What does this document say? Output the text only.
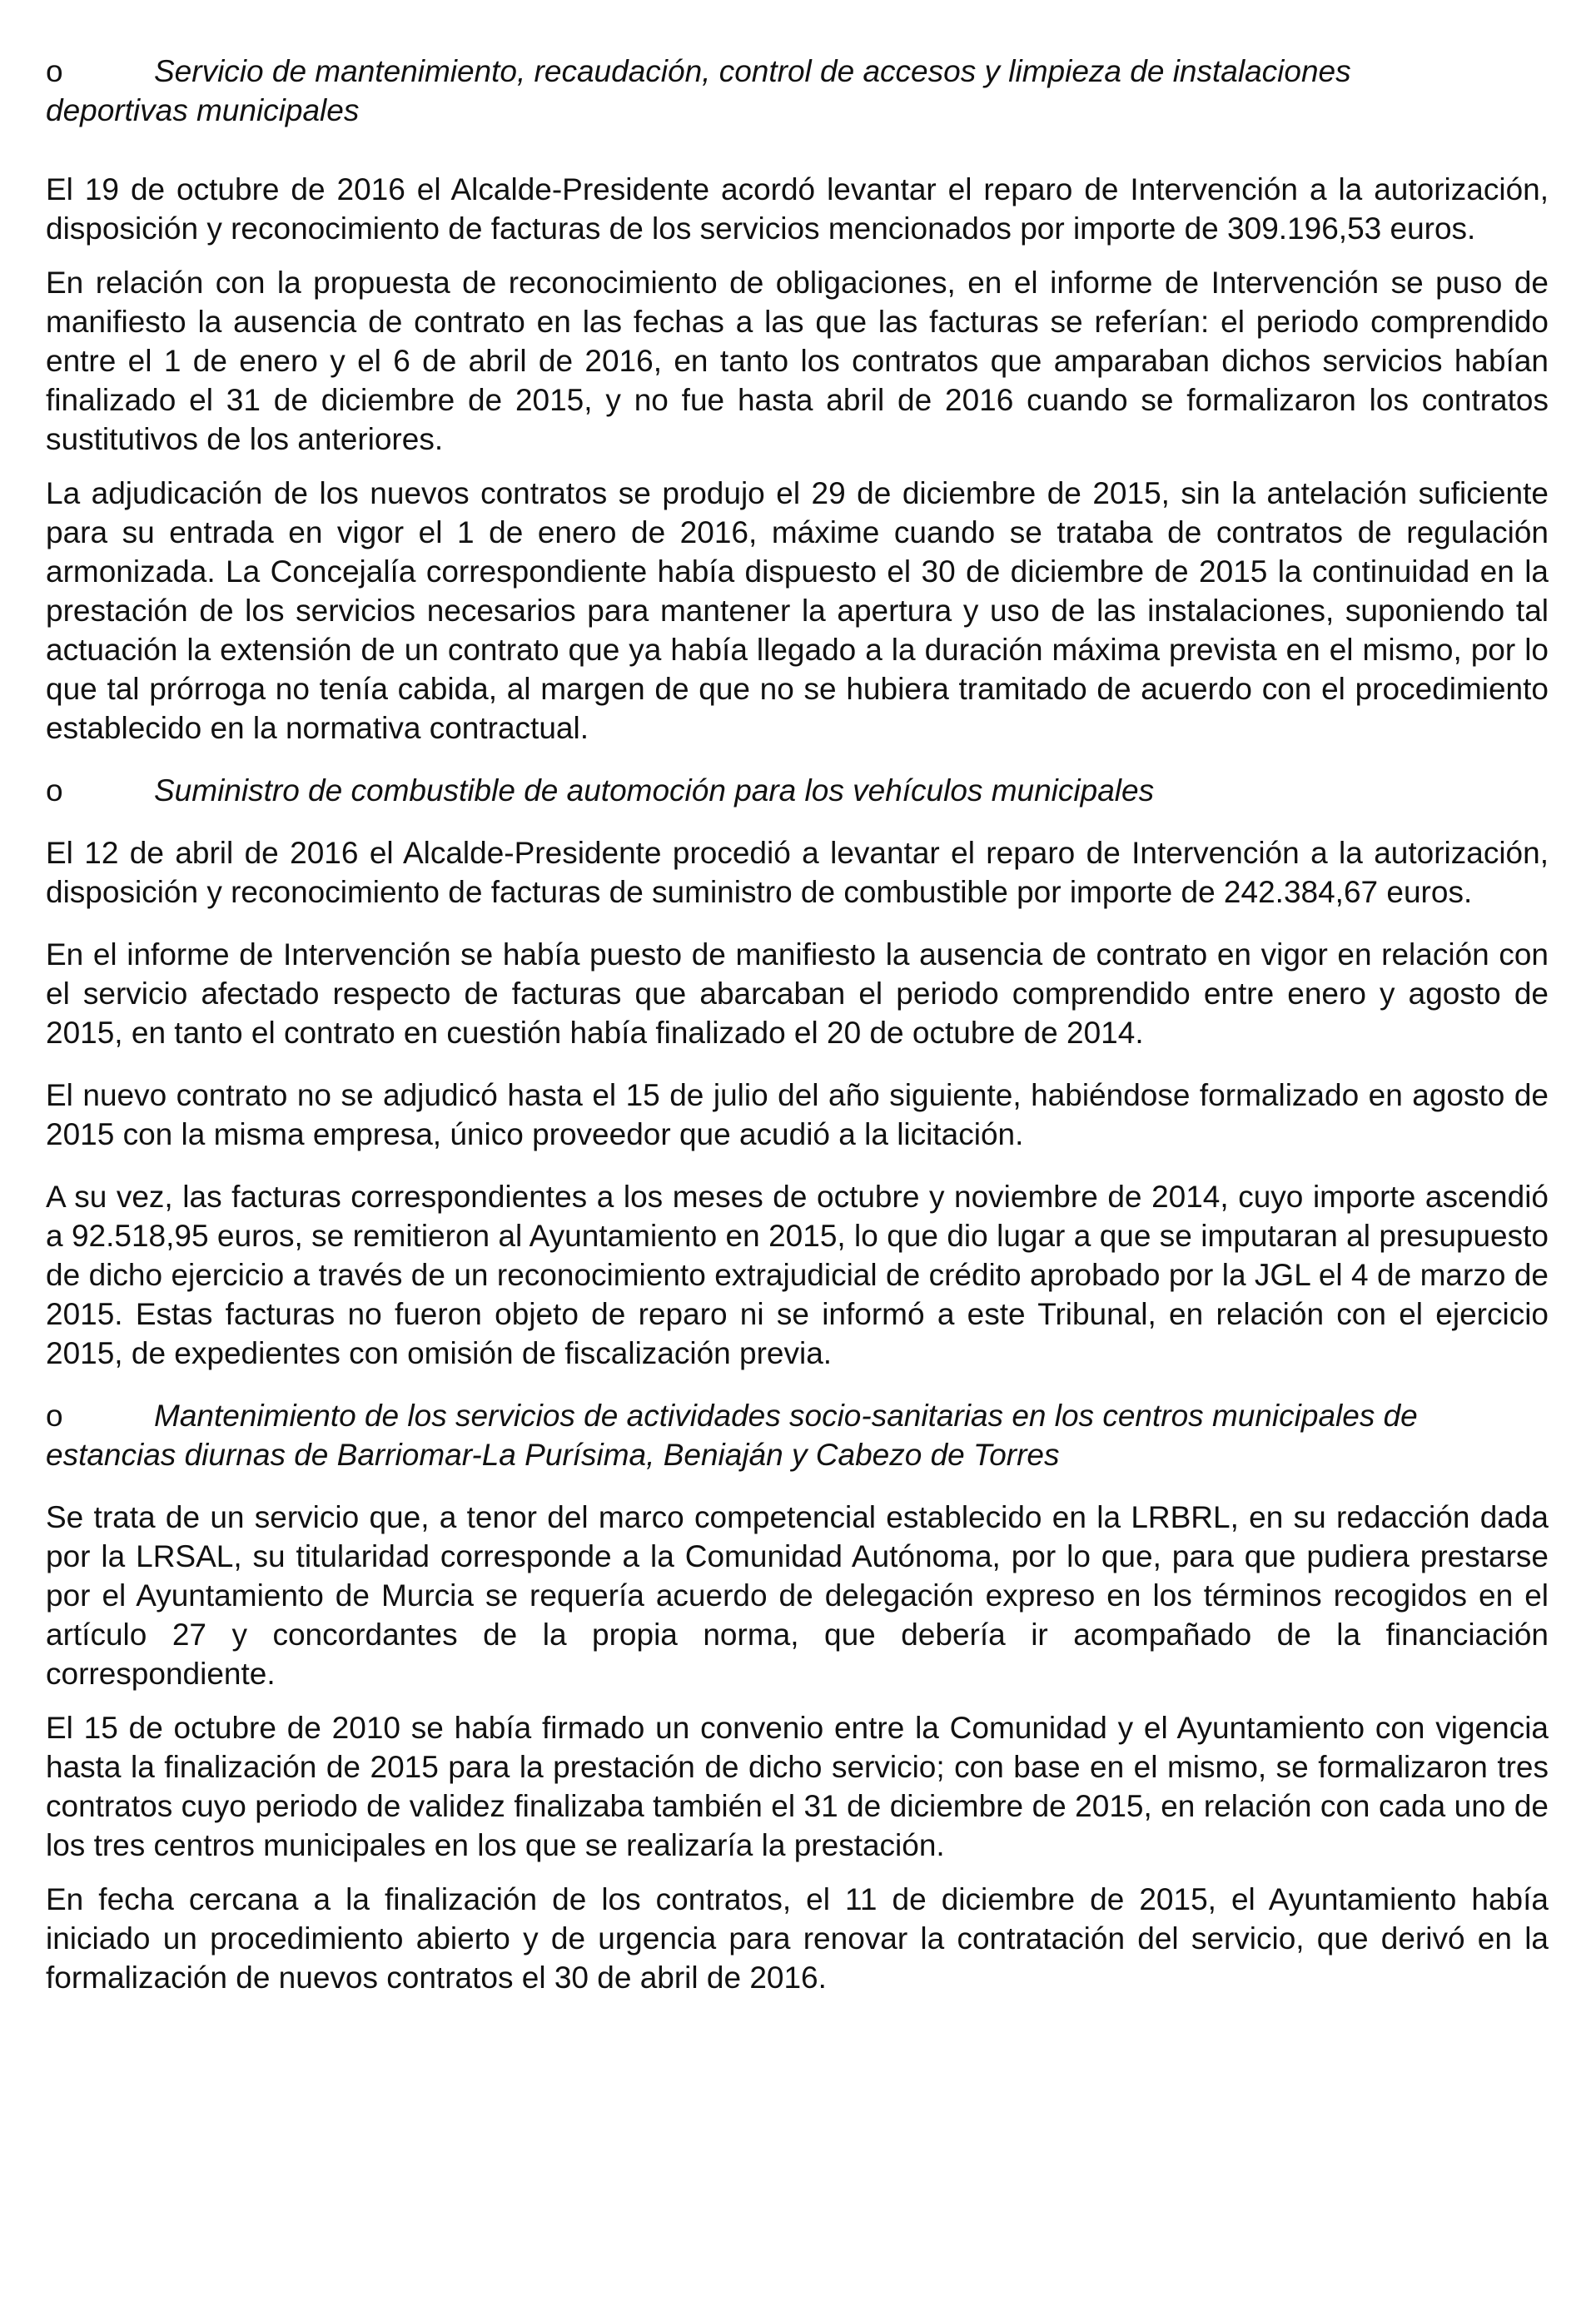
o	Servicio de mantenimiento, recaudación, control de accesos y limpieza de instalaciones
deportivas municipales

El 19 de octubre de 2016 el Alcalde-Presidente acordó levantar el reparo de Intervención a la autorización, disposición y reconocimiento de facturas de los servicios mencionados por importe de 309.196,53 euros.

En relación con la propuesta de reconocimiento de obligaciones, en el informe de Intervención se puso de manifiesto la ausencia de contrato en las fechas a las que las facturas se referían: el periodo comprendido entre el 1 de enero y el 6 de abril de 2016, en tanto los contratos que amparaban dichos servicios habían finalizado el 31 de diciembre de 2015, y no fue hasta abril de 2016 cuando se formalizaron los contratos sustitutivos de los anteriores.

La adjudicación de los nuevos contratos se produjo el 29 de diciembre de 2015, sin la antelación suficiente para su entrada en vigor el 1 de enero de 2016, máxime cuando se trataba de contratos de regulación armonizada. La Concejalía correspondiente había dispuesto el 30 de diciembre de 2015 la continuidad en la prestación de los servicios necesarios para mantener la apertura y uso de las instalaciones, suponiendo tal actuación la extensión de un contrato que ya había llegado a la duración máxima prevista en el mismo, por lo que tal prórroga no tenía cabida, al margen de que no se hubiera tramitado de acuerdo con el procedimiento establecido en la normativa contractual.

o	Suministro de combustible de automoción para los vehículos municipales

El 12 de abril de 2016 el Alcalde-Presidente procedió a levantar el reparo de Intervención a la autorización, disposición y reconocimiento de facturas de suministro de combustible por importe de 242.384,67 euros.

En el informe de Intervención se había puesto de manifiesto la ausencia de contrato en vigor en relación con el servicio afectado respecto de facturas que abarcaban el periodo comprendido entre enero y agosto de 2015, en tanto el contrato en cuestión había finalizado el 20 de octubre de 2014.

El nuevo contrato no se adjudicó hasta el 15 de julio del año siguiente, habiéndose formalizado en agosto de 2015 con la misma empresa, único proveedor que acudió a la licitación.

A su vez, las facturas correspondientes a los meses de octubre y noviembre de 2014, cuyo importe ascendió a 92.518,95 euros, se remitieron al Ayuntamiento en 2015, lo que dio lugar a que se imputaran al presupuesto de dicho ejercicio a través de un reconocimiento extrajudicial de crédito aprobado por la JGL el 4 de marzo de 2015. Estas facturas no fueron objeto de reparo ni se informó a este Tribunal, en relación con el ejercicio 2015, de expedientes con omisión de fiscalización previa.

o	Mantenimiento de los servicios de actividades socio-sanitarias en los centros municipales de
estancias diurnas de Barriomar-La Purísima, Beniaján y Cabezo de Torres

Se trata de un servicio que, a tenor del marco competencial establecido en la LRBRL, en su redacción dada por la LRSAL, su titularidad corresponde a la Comunidad Autónoma, por lo que, para que pudiera prestarse por el Ayuntamiento de Murcia se requería acuerdo de delegación expreso en los términos recogidos en el artículo 27 y concordantes de la propia norma, que debería ir acompañado de la financiación correspondiente.

El 15 de octubre de 2010 se había firmado un convenio entre la Comunidad y el Ayuntamiento con vigencia hasta la finalización de 2015 para la prestación de dicho servicio; con base en el mismo, se formalizaron tres contratos cuyo periodo de validez finalizaba también el 31 de diciembre de 2015, en relación con cada uno de los tres centros municipales en los que se realizaría la prestación.

En fecha cercana a la finalización de los contratos, el 11 de diciembre de 2015, el Ayuntamiento había iniciado un procedimiento abierto y de urgencia para renovar la contratación del servicio, que derivó en la formalización de nuevos contratos el 30 de abril de 2016.
